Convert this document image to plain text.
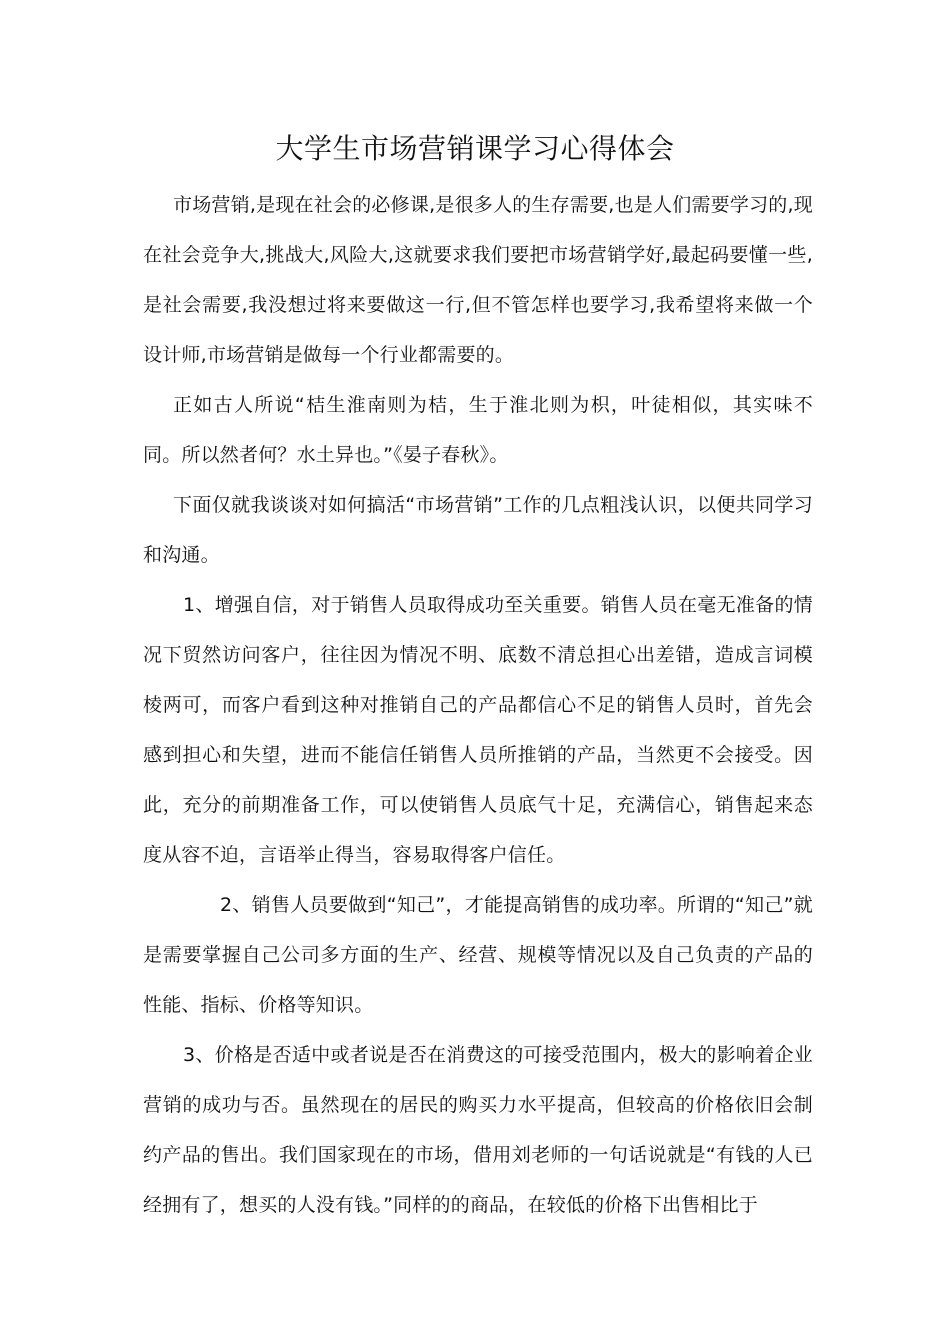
大学生市场营销课学习心得体会

市场营销,是现在社会的必修课,是很多人的生存需要,也是人们需要学习的,现在社会竞争大,挑战大,风险大,这就要求我们要把市场营销学好,最起码要懂一些,是社会需要,我没想过将来要做这一行,但不管怎样也要学习,我希望将来做一个设计师,市场营销是做每一个行业都需要的。

正如古人所说“桔生淮南则为桔，生于淮北则为枳，叶徒相似，其实味不同。所以然者何？水土异也。”《晏子春秋》。

下面仅就我谈谈对如何搞活“市场营销”工作的几点粗浅认识，以便共同学习和沟通。

1、增强自信，对于销售人员取得成功至关重要。销售人员在毫无准备的情况下贸然访问客户，往往因为情况不明、底数不清总担心出差错，造成言词模棱两可，而客户看到这种对推销自己的产品都信心不足的销售人员时，首先会感到担心和失望，进而不能信任销售人员所推销的产品，当然更不会接受。因此，充分的前期准备工作，可以使销售人员底气十足，充满信心，销售起来态度从容不迫，言语举止得当，容易取得客户信任。

2、销售人员要做到“知己”，才能提高销售的成功率。所谓的“知己”就是需要掌握自己公司多方面的生产、经营、规模等情况以及自己负责的产品的性能、指标、价格等知识。

3、价格是否适中或者说是否在消费这的可接受范围内，极大的影响着企业营销的成功与否。虽然现在的居民的购买力水平提高，但较高的价格依旧会制约产品的售出。我们国家现在的市场，借用刘老师的一句话说就是“有钱的人已经拥有了，想买的人没有钱。”同样的的商品，在较低的价格下出售相比于
